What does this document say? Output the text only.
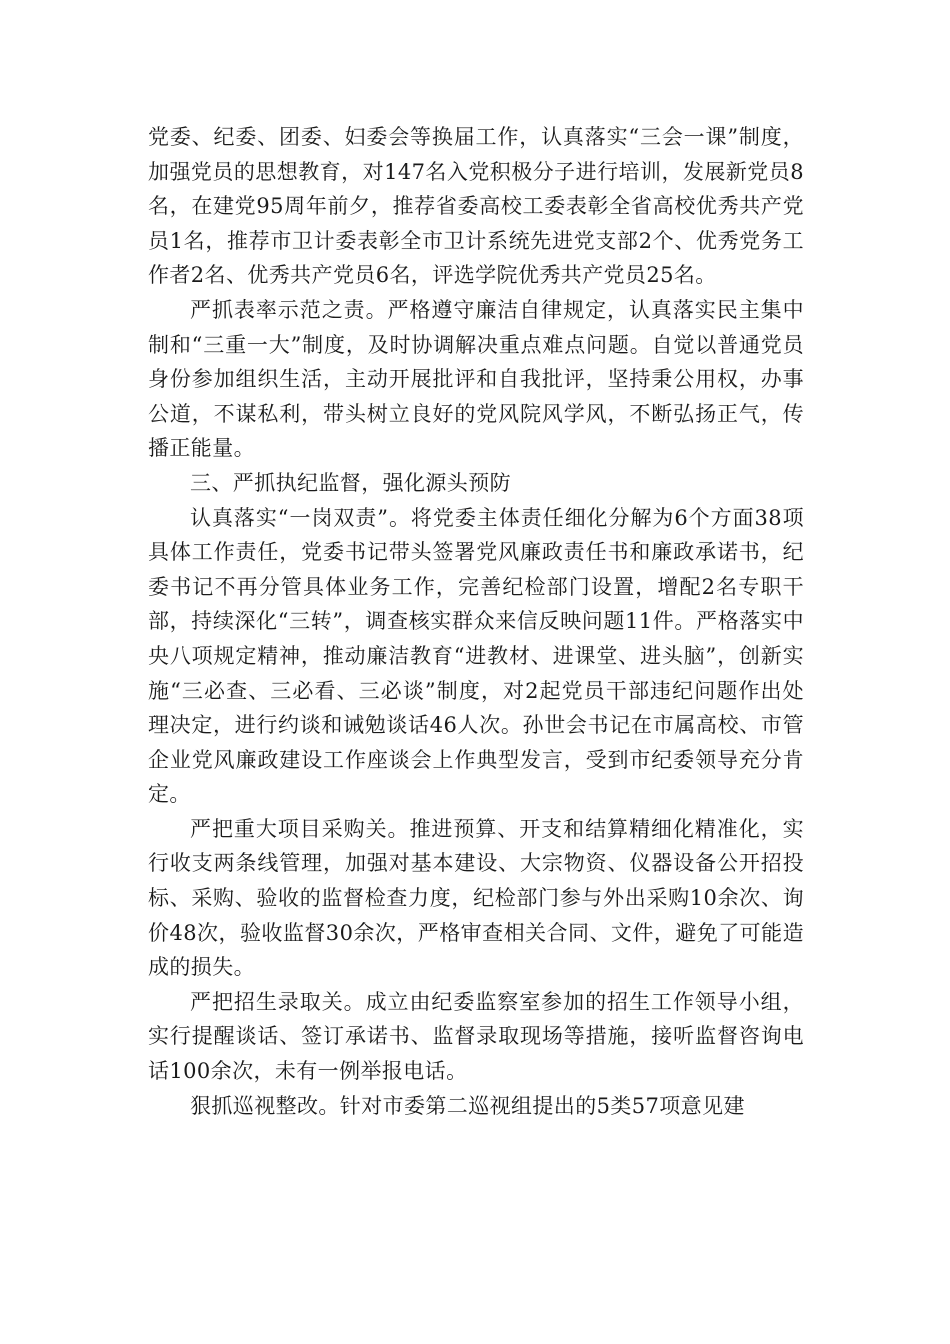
党委、纪委、团委、妇委会等换届工作，认真落实“三会一课”制度，加强党员的思想教育，对147名入党积极分子进行培训，发展新党员8名，在建党95周年前夕，推荐省委高校工委表彰全省高校优秀共产党员1名，推荐市卫计委表彰全市卫计系统先进党支部2个、优秀党务工作者2名、优秀共产党员6名，评选学院优秀共产党员25名。

严抓表率示范之责。严格遵守廉洁自律规定，认真落实民主集中制和“三重一大”制度，及时协调解决重点难点问题。自觉以普通党员身份参加组织生活，主动开展批评和自我批评，坚持秉公用权，办事公道，不谋私利，带头树立良好的党风院风学风，不断弘扬正气，传播正能量。

三、严抓执纪监督，强化源头预防

认真落实“一岗双责”。将党委主体责任细化分解为6个方面38项具体工作责任，党委书记带头签署党风廉政责任书和廉政承诺书，纪委书记不再分管具体业务工作，完善纪检部门设置，增配2名专职干部，持续深化“三转”，调查核实群众来信反映问题11件。严格落实中央八项规定精神，推动廉洁教育“进教材、进课堂、进头脑”，创新实施“三必查、三必看、三必谈”制度，对2起党员干部违纪问题作出处理决定，进行约谈和诫勉谈话46人次。孙世会书记在市属高校、市管企业党风廉政建设工作座谈会上作典型发言，受到市纪委领导充分肯定。

严把重大项目采购关。推进预算、开支和结算精细化精准化，实行收支两条线管理，加强对基本建设、大宗物资、仪器设备公开招投标、采购、验收的监督检查力度，纪检部门参与外出采购10余次、询价48次，验收监督30余次，严格审查相关合同、文件，避免了可能造成的损失。

严把招生录取关。成立由纪委监察室参加的招生工作领导小组，实行提醒谈话、签订承诺书、监督录取现场等措施，接听监督咨询电话100余次，未有一例举报电话。

狠抓巡视整改。针对市委第二巡视组提出的5类57项意见建
